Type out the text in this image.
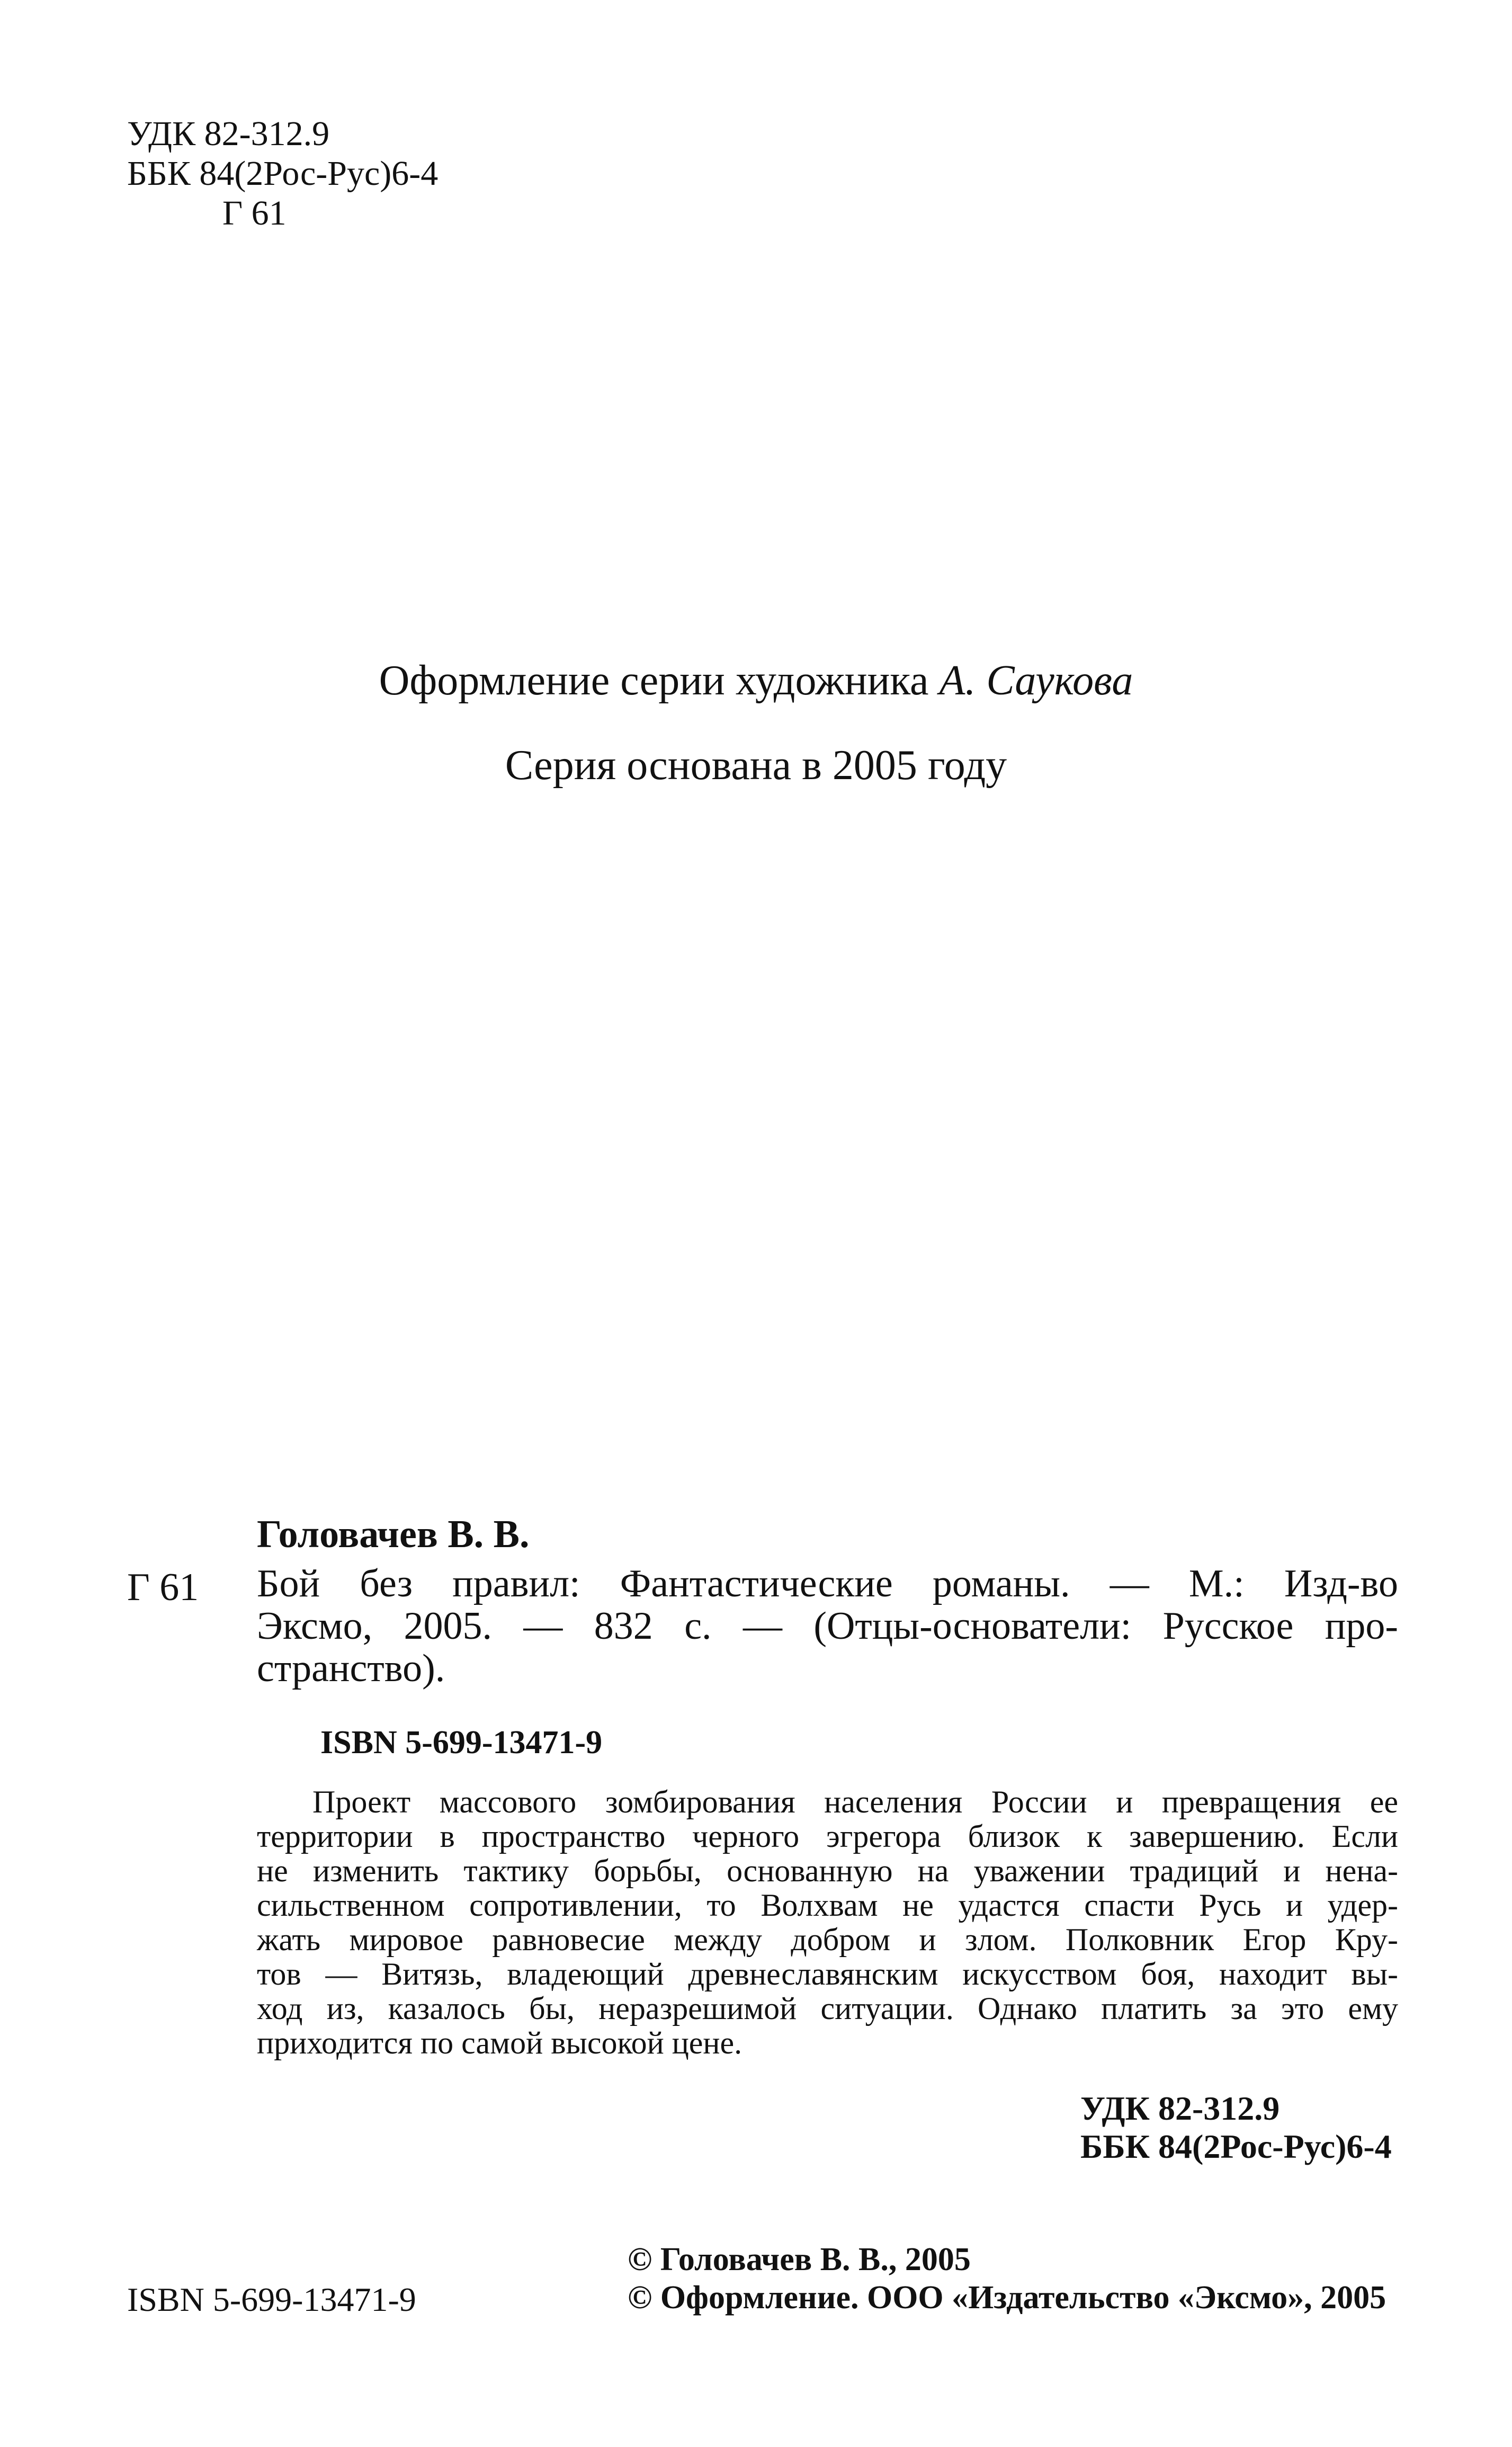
УДК 82-312.9
ББК 84(2Рос-Рус)6-4
Г 61
Оформление серии художника А. Саукова
Серия основана в 2005 году
Головачев В. В.
Г 61 Бой без правил: Фантастические романы. — М.: Изд-во
Эксмо, 2005. — 832 с. — (Отцы-основатели: Русское про-
странство).
ISBN 5-699-13471-9
Проект массового зомбирования населения России и превращения ее
территории в пространство черного эгрегора близок к завершению. Если
не изменить тактику борьбы, основанную на уважении традиций и нена-
сильственном сопротивлении, то Волхвам не удастся спасти Русь и удер-
жать мировое равновесие между добром и злом. Полковник Егор Кру-
тов — Витязь, владеющий древнеславянским искусством боя, находит вы-
ход из, казалось бы, неразрешимой ситуации. Однако платить за это ему
приходится по самой высокой цене.
УДК 82-312.9
ББК 84(2Рос-Рус)6-4
© Головачев В. В., 2005
© Оформление. ООО «Издательство «Эксмо», 2005
ISBN 5-699-13471-9
